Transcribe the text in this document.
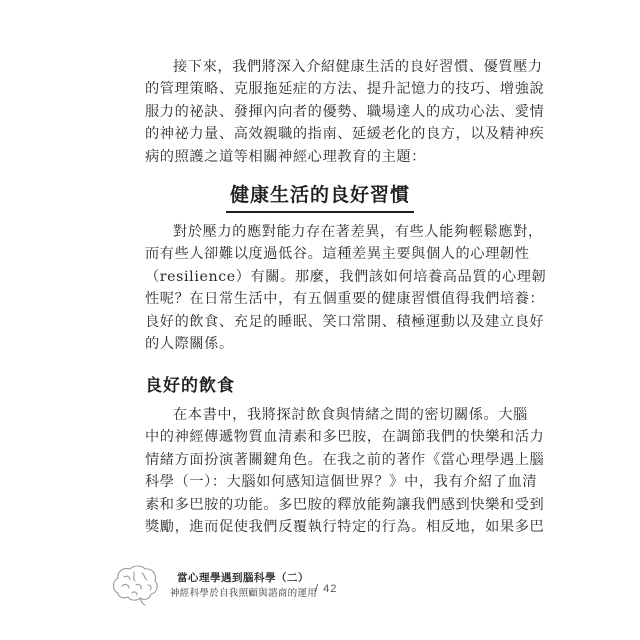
接下來，我們將深入介紹健康生活的良好習慣、優質壓力
的管理策略、克服拖延症的方法、提升記憶力的技巧、增強說
服力的祕訣、發揮內向者的優勢、職場達人的成功心法、愛情
的神祕力量、高效親職的指南、延緩老化的良方，以及精神疾
病的照護之道等相關神經心理教育的主題：
健康生活的良好習慣
對於壓力的應對能力存在著差異，有些人能夠輕鬆應對，
而有些人卻難以度過低谷。這種差異主要與個人的心理韌性
（resilience）有關。那麼，我們該如何培養高品質的心理韌
性呢？在日常生活中，有五個重要的健康習慣值得我們培養：
良好的飲食、充足的睡眠、笑口常開、積極運動以及建立良好
的人際關係。
良好的飲食
在本書中，我將探討飲食與情緒之間的密切關係。大腦
中的神經傳遞物質血清素和多巴胺，在調節我們的快樂和活力
情緒方面扮演著關鍵角色。在我之前的著作《當心理學遇上腦
科學（一）：大腦如何感知這個世界？》中，我有介紹了血清
素和多巴胺的功能。多巴胺的釋放能夠讓我們感到快樂和受到
獎勵，進而促使我們反覆執行特定的行為。相反地，如果多巴
當心理學遇到腦科學（二）
神經科學於自我照顧與諮商的運用
/ 42
